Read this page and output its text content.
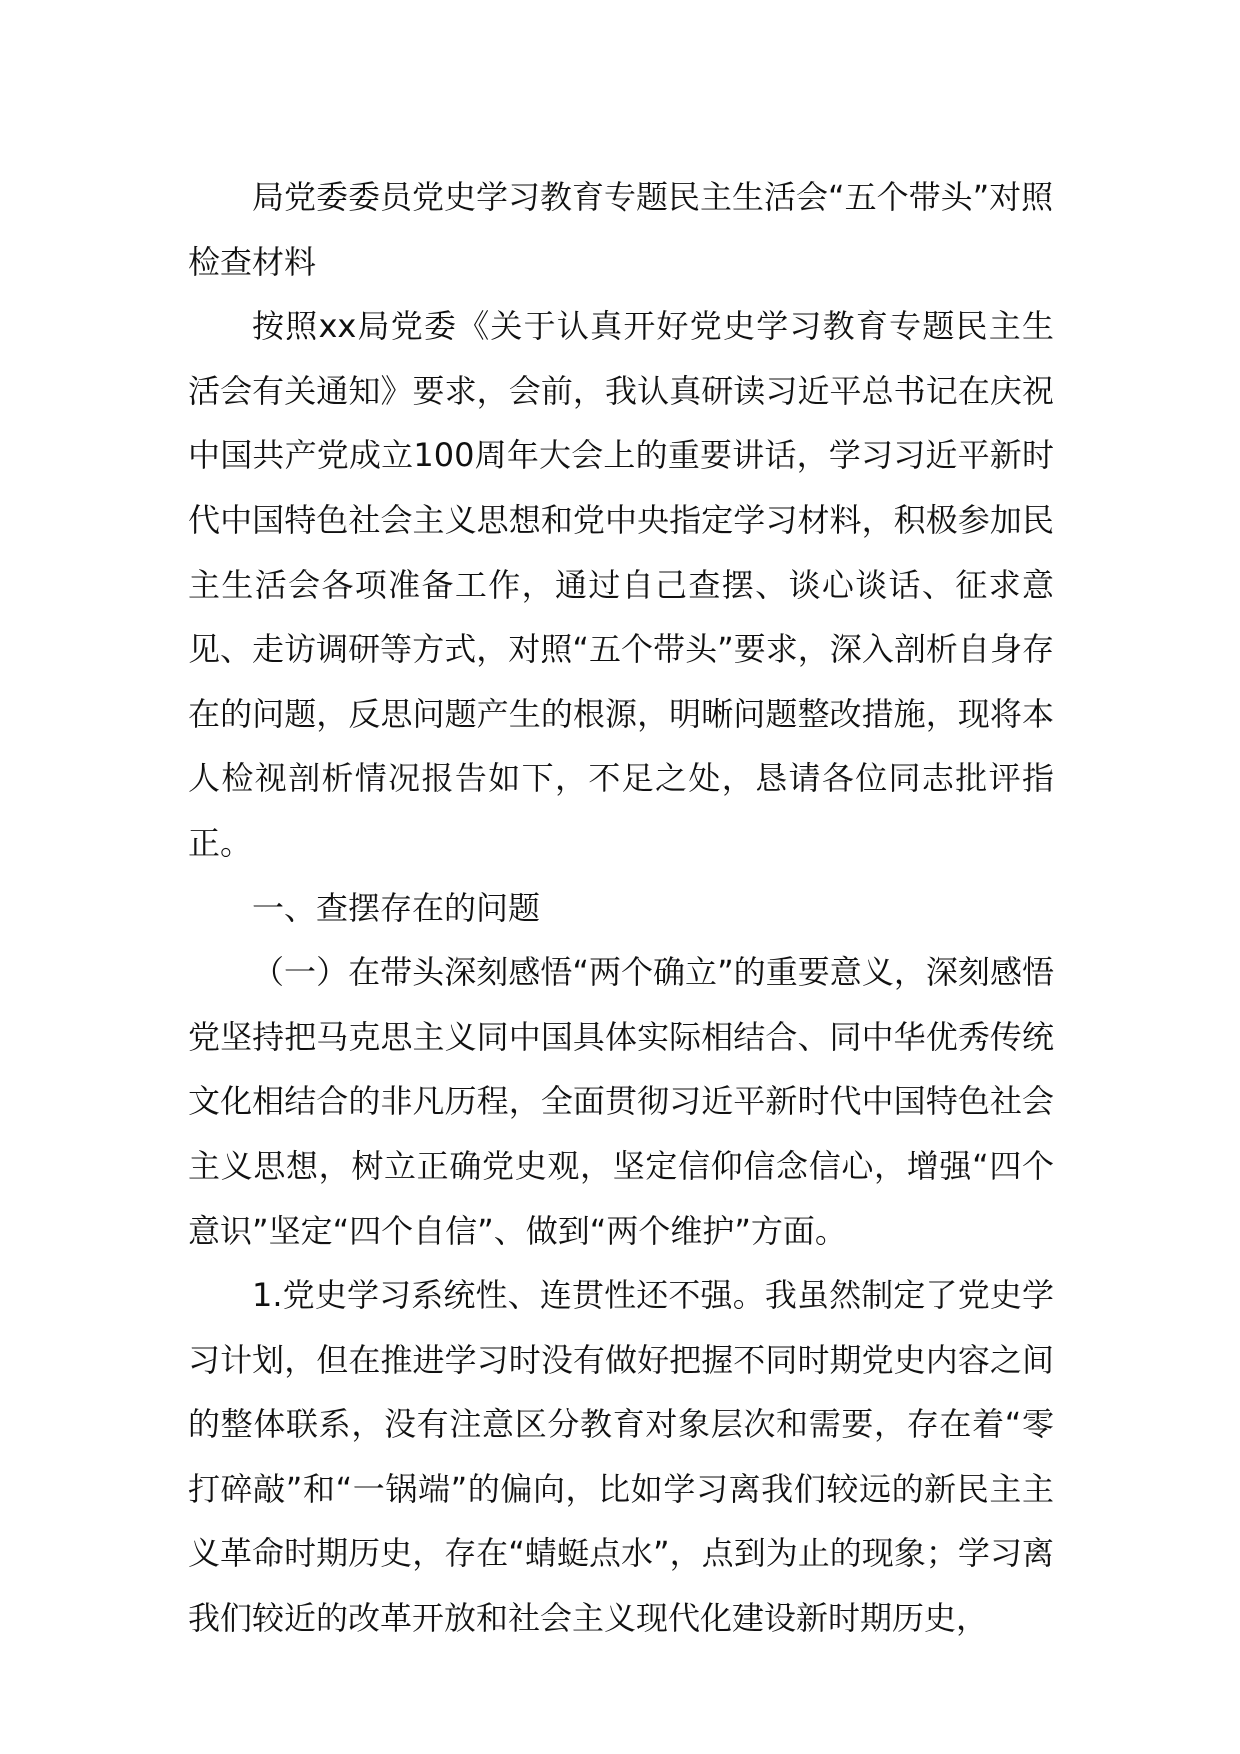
局党委委员党史学习教育专题民主生活会“五个带头”对照检查材料

按照xx局党委《关于认真开好党史学习教育专题民主生活会有关通知》要求，会前，我认真研读习近平总书记在庆祝中国共产党成立100周年大会上的重要讲话，学习习近平新时代中国特色社会主义思想和党中央指定学习材料，积极参加民主生活会各项准备工作，通过自己查摆、谈心谈话、征求意见、走访调研等方式，对照“五个带头”要求，深入剖析自身存在的问题，反思问题产生的根源，明晰问题整改措施，现将本人检视剖析情况报告如下，不足之处，恳请各位同志批评指正。

一、查摆存在的问题

（一）在带头深刻感悟“两个确立”的重要意义，深刻感悟党坚持把马克思主义同中国具体实际相结合、同中华优秀传统文化相结合的非凡历程，全面贯彻习近平新时代中国特色社会主义思想，树立正确党史观，坚定信仰信念信心，增强“四个意识”坚定“四个自信”、做到“两个维护”方面。

1.党史学习系统性、连贯性还不强。我虽然制定了党史学习计划，但在推进学习时没有做好把握不同时期党史内容之间的整体联系，没有注意区分教育对象层次和需要，存在着“零打碎敲”和“一锅端”的偏向，比如学习离我们较远的新民主主义革命时期历史，存在“蜻蜓点水”，点到为止的现象；学习离我们较近的改革开放和社会主义现代化建设新时期历史，
